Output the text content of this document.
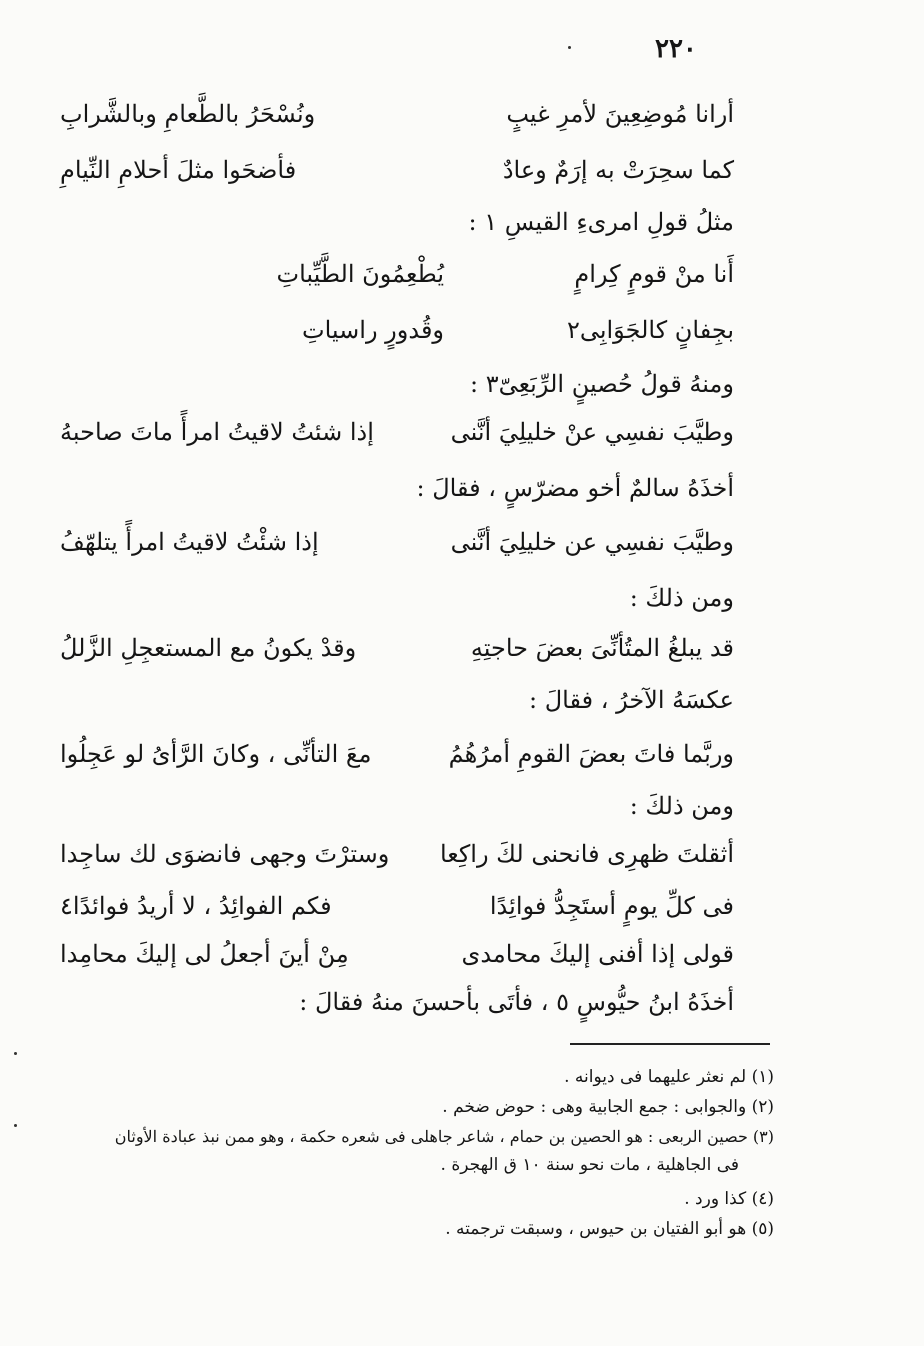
٢٢٠
أرانا مُوضِعِينَ لأمرِ غيبٍ
ونُسْحَرُ بالطَّعامِ وبالشَّرابِ
كما سحِرَتْ به إرَمٌ وعادٌ
فأضحَوا مثلَ أحلامِ النِّيامِ
مثلُ قولِ امرىءِ القيسِ ١ :
أَنا منْ قومٍ كِرامٍ
يُطْعِمُونَ الطَّيِّباتِ
بجِفانٍ كالجَوَابِى٢
وقُدورٍ راسياتِ
ومنهُ قولُ حُصينٍ الرِّبَعِىّ٣ :
وطيَّبَ نفسِي عنْ خليلِيَ أنَّنى
إذا شئتُ لاقيتُ امرأً ماتَ صاحبهُ
أخذَهُ سالمٌ أخو مضرّسٍ ، فقالَ :
وطيَّبَ نفسِي عن خليلِيَ أنَّنى
إذا شئْتُ لاقيتُ امرأً يتلهّفُ
ومن ذلكَ :
قد يبلغُ المتُأنِّىَ بعضَ حاجتِهِ
وقدْ يكونُ مع المستعجِلِ الزَّللُ
عكسَهُ الآخرُ ، فقالَ :
وربَّما فاتَ بعضَ القومِ أمرُهُمُ
معَ التأنِّى ، وكانَ الرَّأىُ لو عَجِلُوا
ومن ذلكَ :
أثقلتَ ظهرِى فانحنى لكَ راكِعا
وسترْتَ وجهى فانضوَى لك ساجِدا
فى كلِّ يومٍ أستَجِدُّ فوائِدًا
فكم الفوائِدُ ، لا أريدُ فوائدًا٤
قولى إذا أفنى إليكَ محامدى
مِنْ أينَ أجعلُ لى إليكَ محامِدا
أخذَهُ ابنُ حيُّوسٍ ٥ ، فأتَى بأحسنَ منهُ فقالَ :
(١) لم نعثر عليهما فى ديوانه .
(٢) والجوابى : جمع الجابية وهى : حوض ضخم .
(٣) حصين الربعى : هو الحصين بن حمام ، شاعر جاهلى فى شعره حكمة ، وهو ممن نبذ عبادة الأوثان
فى الجاهلية ، مات نحو سنة ١٠ ق الهجرة .
(٤) كذا ورد .
(٥) هو أبو الفتيان بن حيوس ، وسبقت ترجمته .
